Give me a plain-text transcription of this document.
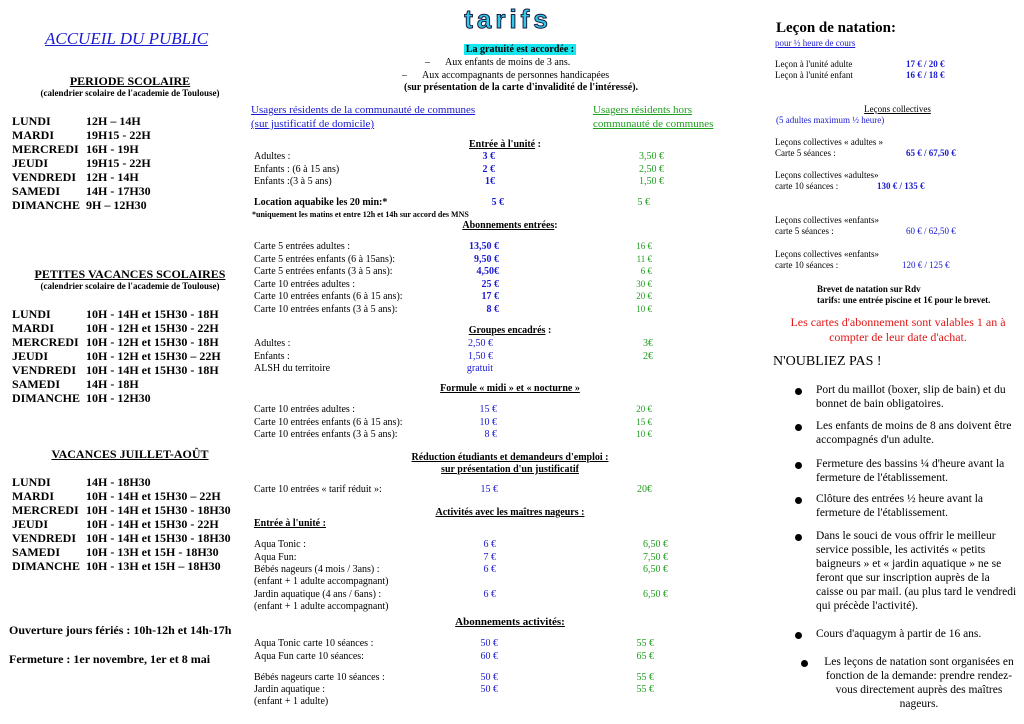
ACCUEIL DU PUBLIC
PERIODE SCOLAIRE
(calendrier scolaire de l'academie de Toulouse)
LUNDI	12H – 14H
MARDI	19H15 - 22H
MERCREDI 16H - 19H
JEUDI	19H15 - 22H
VENDREDI 12H - 14H
SAMEDI 14H - 17H30
DIMANCHE 9H – 12H30
PETITES VACANCES SCOLAIRES
(calendrier scolaire de l'academie de Toulouse)
LUNDI	10H - 14H et 15H30 - 18H
MARDI	10H - 12H et 15H30 - 22H
MERCREDI 10H - 12H et 15H30 - 18H
JEUDI	10H - 12H et 15H30 – 22H
VENDREDI 10H - 14H et 15H30 - 18H
SAMEDI 14H - 18H
DIMANCHE 10H - 12H30
VACANCES JUILLET-AOÛT
LUNDI	14H - 18H30
MARDI	10H - 14H et 15H30 – 22H
MERCREDI 10H - 14H et 15H30 - 18H30
JEUDI	10H - 14H et 15H30 - 22H
VENDREDI 10H - 14H et 15H30 - 18H30
SAMEDI 10H - 13H et 15H - 18H30
DIMANCHE 10H - 13H et 15H – 18H30
Ouverture jours fériés : 10h-12h et 14h-17h
Fermeture : 1er novembre, 1er et 8 mai
tarifs
La gratuité est accordée :
–      Aux enfants de moins de 3 ans.
–      Aux accompagnants de personnes handicapées
(sur présentation de la carte d'invalidité de l'intéressé).
Usagers résidents de la communauté de communes
(sur justificatif de domicile)
Usagers résidents hors
communauté de communes
Entrée à l'unité :
Adultes :	3 €	3,50 €
Enfants : (6 à 15 ans)	2 €	2,50 €
Enfants :(3 à 5 ans)	1€	1,50 €
Location aquabike les 20 min:*	5 €	5 €
*uniquement les matins et entre 12h et 14h sur accord des MNS
Abonnements entrées:
Carte 5 entrées adultes :	13,50 €	16 €
Carte 5 entrées enfants (6 à 15ans):	9,50 €	11 €
Carte 5 entrées enfants (3 à 5 ans):	4,50€	6 €
Carte 10 entrées adultes :	25 €	30 €
Carte 10 entrées enfants (6 à 15 ans):	17 €	20 €
Carte 10 entrées enfants (3 à 5 ans):	8 €	10 €
Groupes encadrés :
Adultes :	2,50 €	3€
Enfants :	1,50 €	2€
ALSH du territoire	gratuit
Formule « midi » et « nocturne »
Carte 10 entrées adultes :	15 €	20 €
Carte 10 entrées enfants (6 à 15 ans):	10 €	15 €
Carte 10 entrées enfants (3 à 5 ans):	8 €	10 €
Réduction étudiants et demandeurs d'emploi :
sur présentation d'un justificatif
Carte 10 entrées « tarif réduit »:	15 €	20€
Activités avec les maîtres nageurs :
Entrée à l'unité :
Aqua Tonic :	6 €	6,50 €
Aqua Fun:	7 €	7,50 €
Bébés nageurs (4 mois / 3ans) :
(enfant + 1 adulte accompagnant)
6 €	6,50 €
Jardin aquatique (4 ans / 6ans) :
(enfant + 1 adulte accompagnant)
6 €	6,50 €
Abonnements activités:
Aqua Tonic carte 10 séances :	50 €	55 €
Aqua Fun carte 10 séances:	60 €	65 €
Bébés nageurs carte 10 séances :	50 €	55 €
Jardin aquatique :
(enfant + 1 adulte)
50 €	55 €
Leçon de natation:
pour ½ heure de cours
Leçon à l'unité adulte	17 € / 20 €
Leçon à l'unité enfant	16 € / 18 €
Leçons collectives
(5 adultes maximum ½ heure)
Leçons collectives « adultes »
Carte 5 séances :	65 € / 67,50 €
Leçons collectives «adultes»
carte 10 séances :	130 € / 135 €
Leçons collectives «enfants»
carte 5 séances :	60 € / 62,50 €
Leçons collectives «enfants»
carte 10 séances :	120 € / 125 €
Brevet de natation sur Rdv
tarifs: une entrée piscine et 1€ pour le brevet.
Les cartes d'abonnement sont valables 1 an à compter de leur date d'achat.
N'OUBLIEZ PAS !
Port du maillot (boxer, slip de bain) et du bonnet de bain obligatoires.
Les enfants de moins de 8 ans doivent être accompagnés d'un adulte.
Fermeture des bassins ¼ d'heure avant la fermeture de l'établissement.
Clôture des entrées ½ heure avant la fermeture de l'établissement.
Dans le souci de vous offrir le meilleur service possible, les activités « petits baigneurs » et « jardin aquatique » ne se feront que sur inscription auprès de la caisse ou par mail. (au plus tard le vendredi qui précède l'activité).
Cours d'aquagym à partir de 16 ans.
Les leçons de natation sont organisées en fonction de la demande: prendre rendez-vous directement auprès des maîtres nageurs.
